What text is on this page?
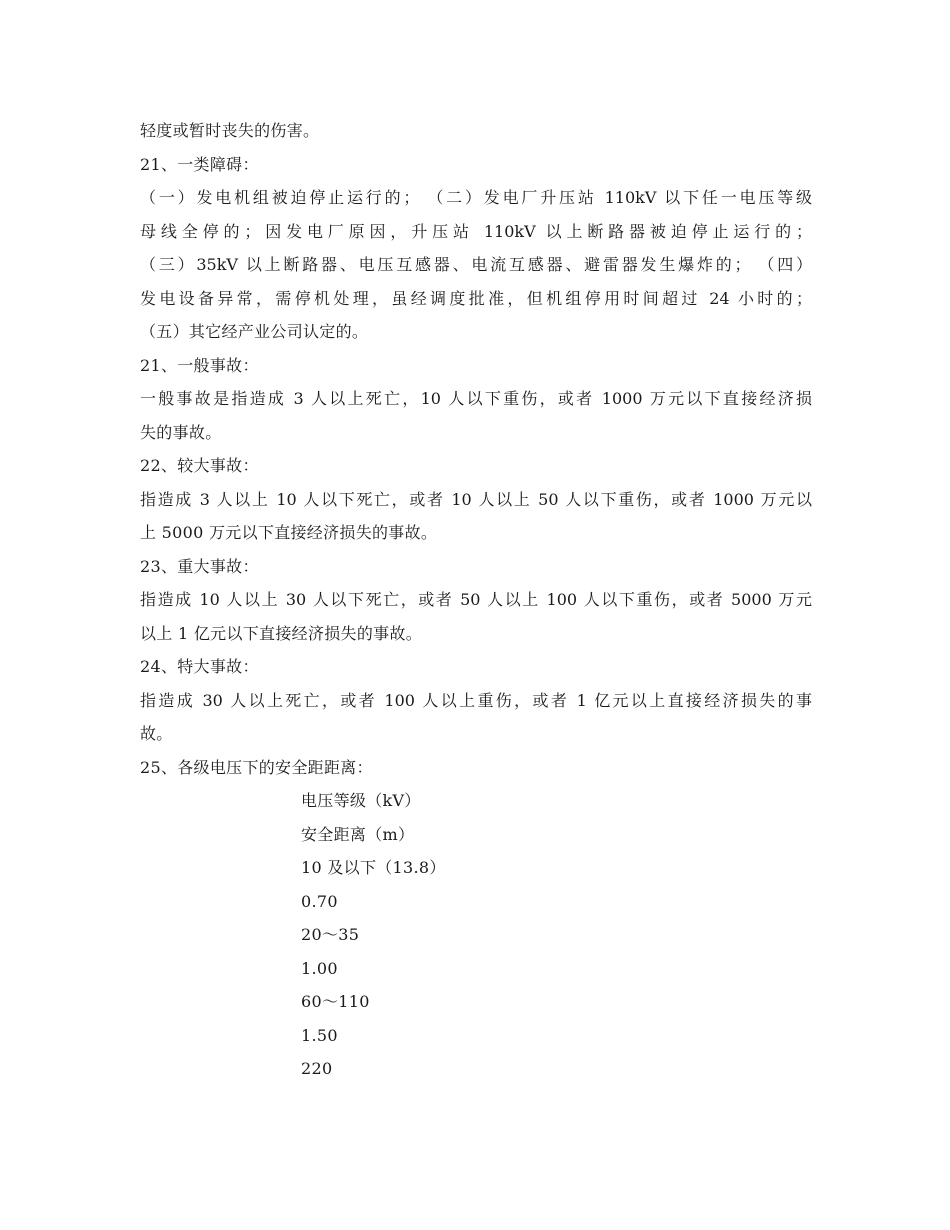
轻度或暂时丧失的伤害。
21、一类障碍：
（一）发电机组被迫停止运行的； （二）发电厂升压站 110kV 以下任一电压等级
母线全停的；因发电厂原因，升压站 110kV 以上断路器被迫停止运行的；
（三）35kV 以上断路器、电压互感器、电流互感器、避雷器发生爆炸的； （四）
发电设备异常，需停机处理，虽经调度批准，但机组停用时间超过 24 小时的；
（五）其它经产业公司认定的。
21、一般事故：
一般事故是指造成 3 人以上死亡，10 人以下重伤，或者 1000 万元以下直接经济损
失的事故。
22、较大事故：
指造成 3 人以上 10 人以下死亡，或者 10 人以上 50 人以下重伤，或者 1000 万元以
上 5000 万元以下直接经济损失的事故。
23、重大事故：
指造成 10 人以上 30 人以下死亡，或者 50 人以上 100 人以下重伤，或者 5000 万元
以上 1 亿元以下直接经济损失的事故。
24、特大事故：
指造成 30 人以上死亡，或者 100 人以上重伤，或者 1 亿元以上直接经济损失的事
故。
25、各级电压下的安全距距离：
电压等级（kV）
安全距离（m）
10 及以下（13.8）
0.70
20～35
1.00
60～110
1.50
220
